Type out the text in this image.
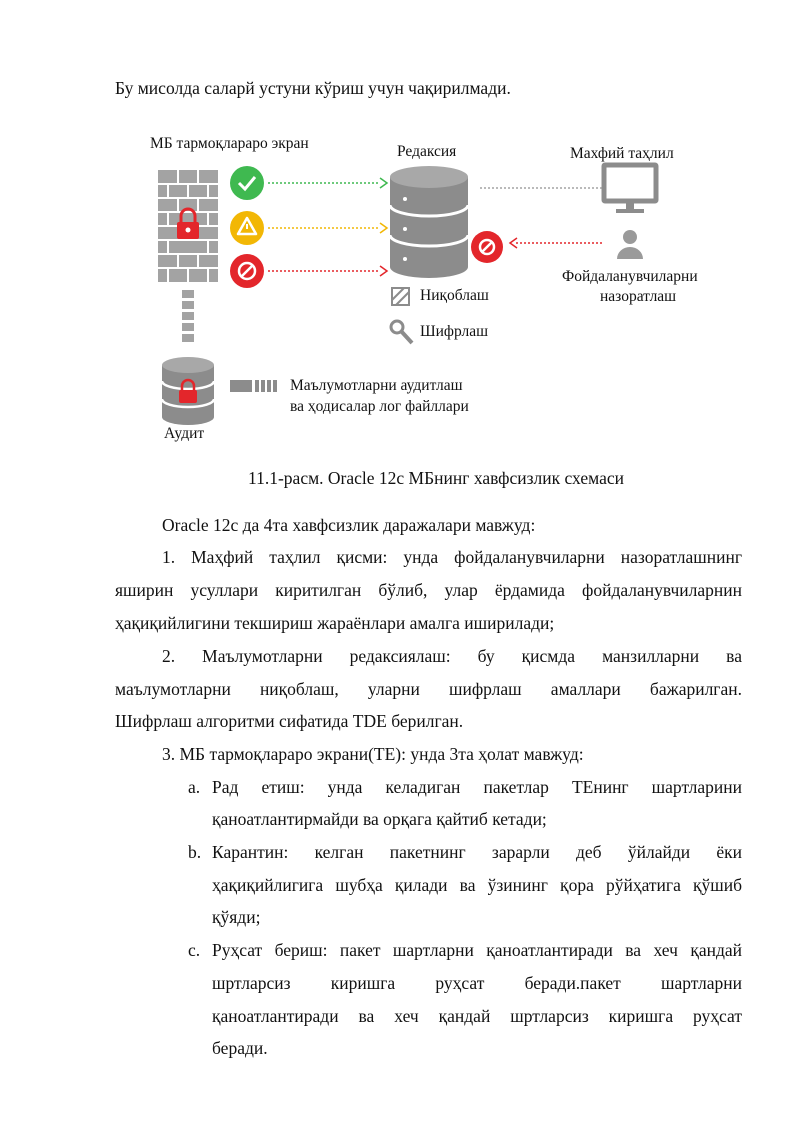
Бу мисолда саларй устуни кўриш учун чақирилмади.
МБ тармоқлараро экран	Редаксия	Махфий таҳлил
Фойдаланувчиларни
назоратлаш
Ниқоблаш
Шифрлаш
Маълумотларни аудитлаш
ва ҳодисалар лог файллари
Аудит
11.1-расм. Oracle 12c МБнинг хавфсизлик схемаси
Oracle 12c да 4та хавфсизлик даражалари мавжуд:
1. Маҳфий таҳлил қисми: унда фойдаланувчиларни назоратлашнинг
яширин усуллари киритилган бўлиб, улар ёрдамида фойдаланувчиларнин
ҳақиқийлигини текшириш жараёнлари амалга иширилади;
2. Маълумотларни редаксиялаш: бу қисмда манзилларни ва
маълумотларни ниқоблаш, уларни шифрлаш амаллари бажарилган.
Шифрлаш алгоритми сифатида TDE берилган.
3. МБ тармоқлараро экрани(ТЕ): унда 3та ҳолат мавжуд:
a. Рад етиш: унда келадиган пакетлар ТЕнинг шартларини
қаноатлантирмайди ва орқага қайтиб кетади;
b. Карантин: келган пакетнинг зарарли деб ўйлайди ёки
ҳақиқийлигига шубҳа қилади ва ўзининг қора рўйҳатига қўшиб
қўяди;
c. Руҳсат бериш: пакет шартларни қаноатлантиради ва хеч қандай
шртларсиз киришга руҳсат беради.пакет шартларни
қаноатлантиради ва хеч қандай шртларсиз киришга руҳсат
беради.
